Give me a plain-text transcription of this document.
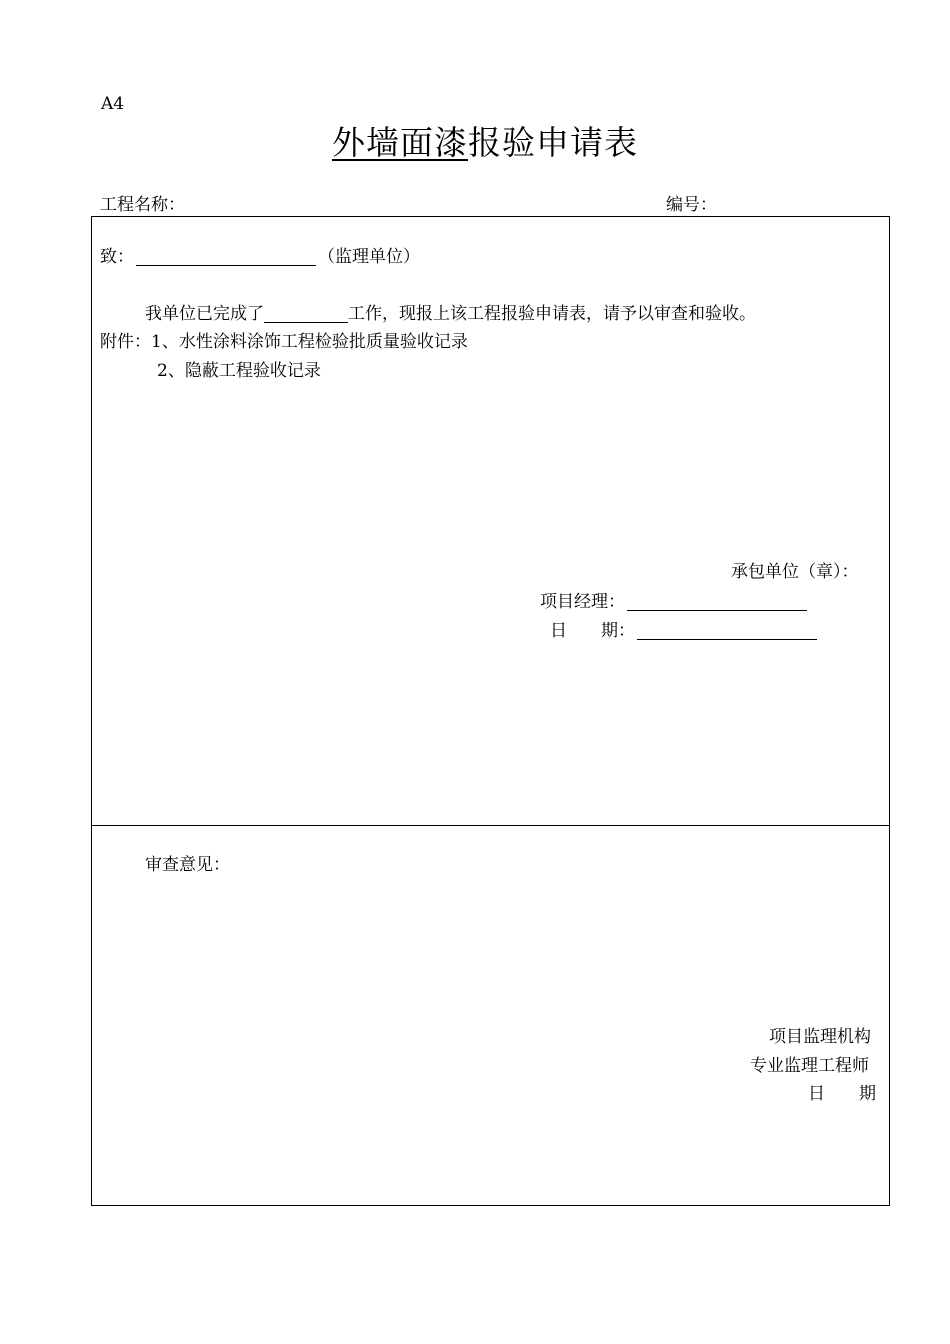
A4
外墙面漆报验申请表
工程名称：	编号：
致：	（监理单位）
我单位已完成了	工作，现报上该工程报验申请表，请予以审查和验收。
附件：1、水性涂料涂饰工程检验批质量验收记录
2、隐蔽工程验收记录
承包单位（章）：
项目经理：
日　　期：
审查意见：
项目监理机构
专业监理工程师
日　　期
